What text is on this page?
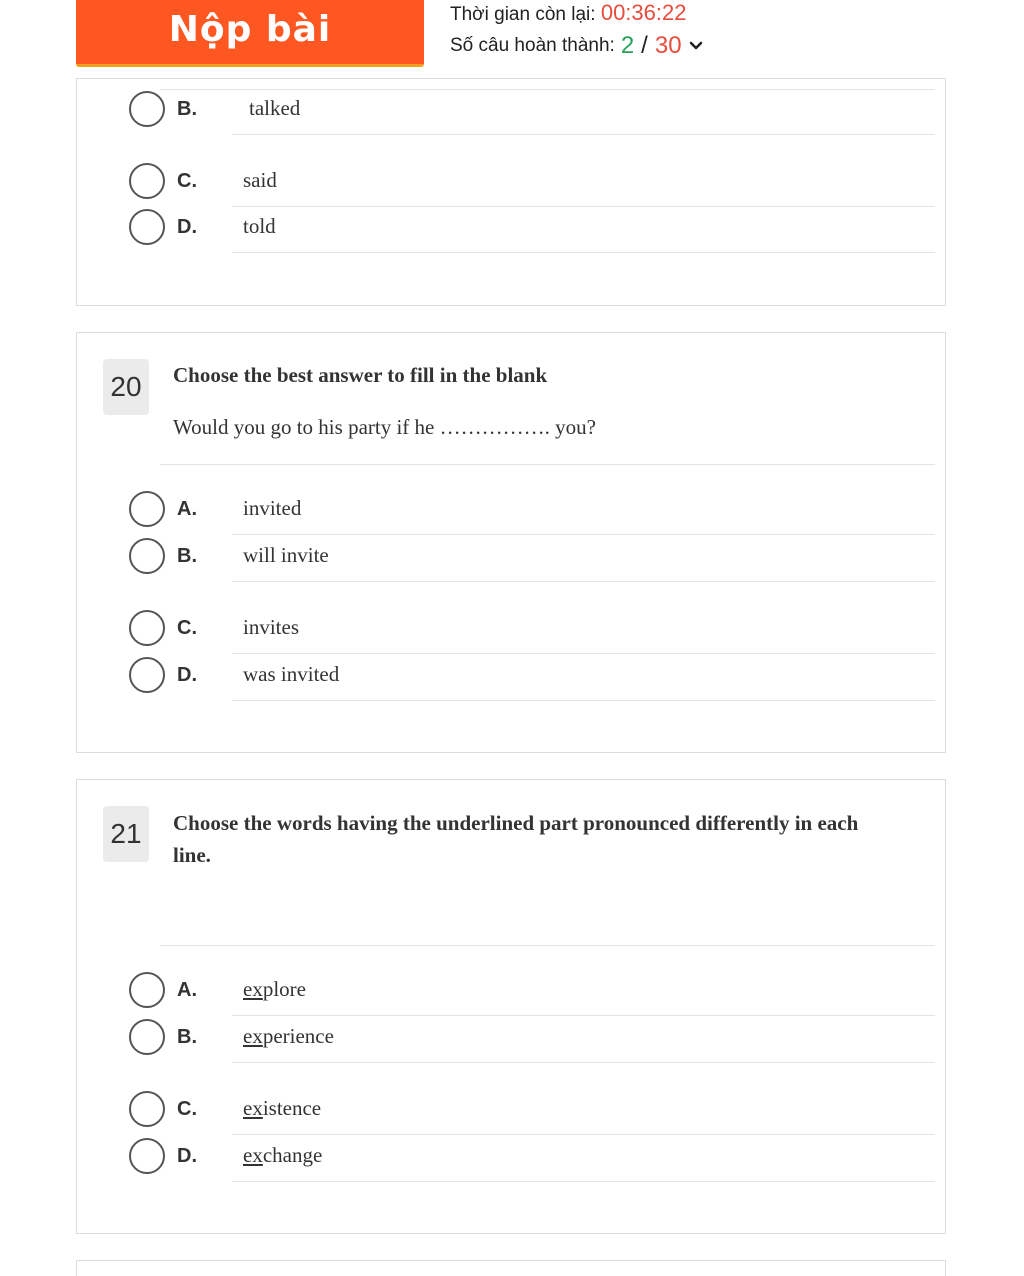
Nộp bài	Thời gian còn lại: 00:36:22
Số câu hoàn thành: 2 / 30
B. talked
C. said
D. told
20	Choose the best answer to fill in the blank
Would you go to his party if he ……………. you?
A. invited
B. will invite
C. invites
D. was invited
21	Choose the words having the underlined part pronounced differently in each line.
A. explore
B. experience
C. existence
D. exchange
